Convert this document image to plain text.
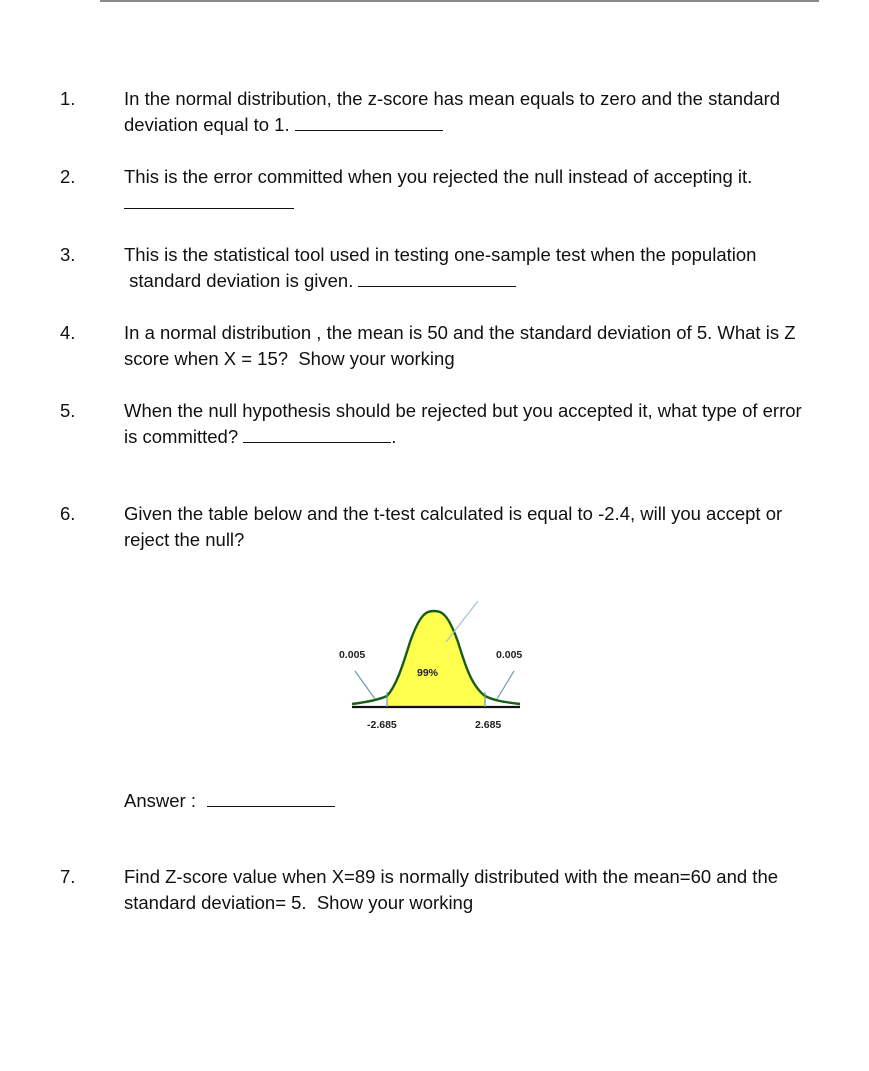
1.	In the normal distribution, the z-score has mean equals to zero and the standard
deviation equal to 1.
2.	This is the error committed when you rejected the null instead of accepting it.
3.	This is the statistical tool used in testing one-sample test when the population
standard deviation is given.
4.	In a normal distribution , the mean is 50 and the standard deviation of 5. What is Z
score when X = 15?  Show your working
5.	When the null hypothesis should be rejected but you accepted it, what type of error
is committed?	.
6.	Given the table below and the t-test calculated is equal to -2.4, will you accept or
reject the null?
0.005	0.005
99%
-2.685	2.685
Answer :
7.	Find Z-score value when X=89 is normally distributed with the mean=60 and the
standard deviation= 5.  Show your working
